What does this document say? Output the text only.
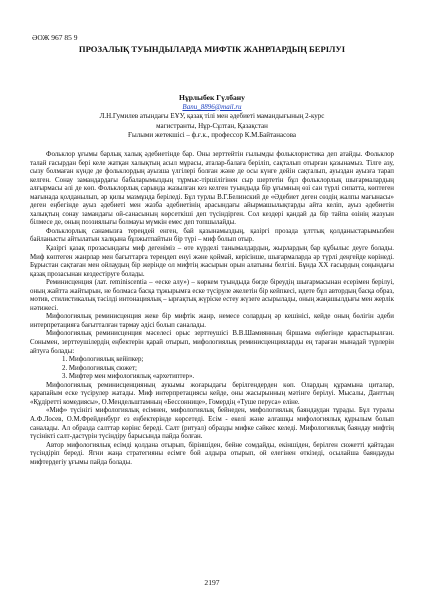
ӘОЖ 967 85 9
ПРОЗАЛЫҚ ТУЫНДЫЛАРДА МИФТІК ЖАНРЛАРДЫҢ БЕРІЛУІ
Нұрлыбек Гүлбану
Banu_8896@mail.ru
Л.Н.Гумилев атындағы ЕҰУ, қазақ тілі мен әдебиеті мамандығының 2-курс
магистранты, Нұр-Сұлтан, Қазақстан
Ғылыми жетекшісі – ф.ғ.к., профессор К.М.Байтанасова

Фольклор ұғымы барлық халық әдебиетінде бар. Оны зерттейтін ғылымды фольклористика деп атайды. Фольклор талай ғасырдан бері келе жатқан халықтың асыл мұрасы, аталар-балаға беріліп, сақталып отырған қазынамыз. Тілге азу, сызу болмаған күнде де фольклордың ауызша үлгілері болған және де осы күнге дейін сақталып, ауыздан ауызға тарап келген. Сонау замандардағы бабаларымыздың тұрмыс-тіршілігінен сыр шертетін бұл фольклорлық шығармалардың алғырмасы әлі де көп. Фольклорлық сарында жазылған кез келген туындыда бір ұғымның өзі сан түрлі сипатта, көптеген мағынада қолданылып, әр қилы мазмұнда беріледі. Бұл турлы В.Г.Белинский де «Әдебиет деген сөздің жалпы мағынасы» деген еңбегінде ауыз әдебиеті мен жазба әдебиетінің арасындағы айырмашылықтарды айта келіп, ауыз әдебиетін халықтың сонау замандағы ой-санасының көрсеткіші деп түсіндірген. Сол кездері қандай да бір тайпа өзінің жазуын білмесе де, оның поэзиялығы болмауы мүмкін емес деп топшылайды.

Фольклорлық санамызға тереңдей енген, бай қазынамыздың, қазіргі прозада ұлттық қолданыстарымызбен байланысты айтылатын халқына бұлжытпайтын бір түрі – миф болып отыр.

Қазіргі қазақ прозасындағы миф дегеніміз – өте күрделі танымалдардың, жырлардың бар құбылыс деуге болады. Миф көптеген жанрлар мен бағыттарға тереңдеп енуі және қоймай, керісінше, шығармаларда әр түрлі деңгейде көрінеді. Бұрыстан сақтаған мен ойлаудың бір жерінде ол мифтің жасырын орын алатыны белгілі. Бұнда XX ғасырдың соңындағы қазақ прозасынан кездестіруге болады.

Реминисценция (лат. reminiscentia – «еске алу») – көркем туындыда бөгде біреудің шығармасынан есерімен берілуі, оның жайтта жайтырын, не болмаса басқа тұжырымға еске түсіруле әкелетін бір кейпкесі, идете бұл автордың басқа образ, мотив, стилистикалық тәсілді интонациялық – ырғақтық жүріске естеу жүзеге асырылады, оның жаңашылдығы мен жерлік нәтижесі.

Мифологиялық реминисценция жеке бір мифтік жанр, немесе солардың әр кешінісі, кейде оның бөлігін әдеби интерпретацияға бағытталған тармау әдісі болып саналады.

Мифологиялық реминисценция мәселесі орыс зерттеушісі В.В.Шамиянның біршама еңбегінде қарастырылған. Сонымен, зерттеушілердің еңбектерін қарай отырып, мифологиялық реминисценцияларды ең тараған мынадай түрлерін айтуға болады:

1. Мифологиялық кейіпкер;

2. Мифологиялық сюжет;

3. Мифтер мен мифологиялық «архетиптер».

Мифологиялық реминисценцияның аукымы жоғарыдағы берілгендерден көп. Олардың құрамына циталар, қарапайым еске түсірулер жатады. Миф интерпретациясы кейде, оны жасырынның мәтінге берілуі. Мысалы, Данттың «Құдіретті комедиясы», О.Мендельштамның «Бессоннице», Гомердің «Туше перуса» еліне.

«Миф» түсінігі мифологиялық есімнен, мифологиялық бейнеден, мифологиялық баяндаудан тұрады. Бұл туралы А.Ф.Лосев, О.М.Фрейденбург ез еңбектерінде көрсетеді. Есім - екелі және алғашқы мифологиялық құрылым болып саналады. Ал образда салттар көрінс береді. Салт (ритуал) образды мифке сәйкес келеді. Мифологиялық баяндау мифтің түсінікті салт-дастүрін түсіндіру барысында пайда болған.

Автор мифологиялық есімді қолдана отырып, біріншіден, бейне сомдайды, екіншіден, берілген сюжетті қайтадан түсіндіріп береді. Ягни жаңа стратегияны есімге бой алдыра отырып, ой елегінен өткізеді, осылайша баяндауды мифтердегіу ұғымы пайда болады.

2197
